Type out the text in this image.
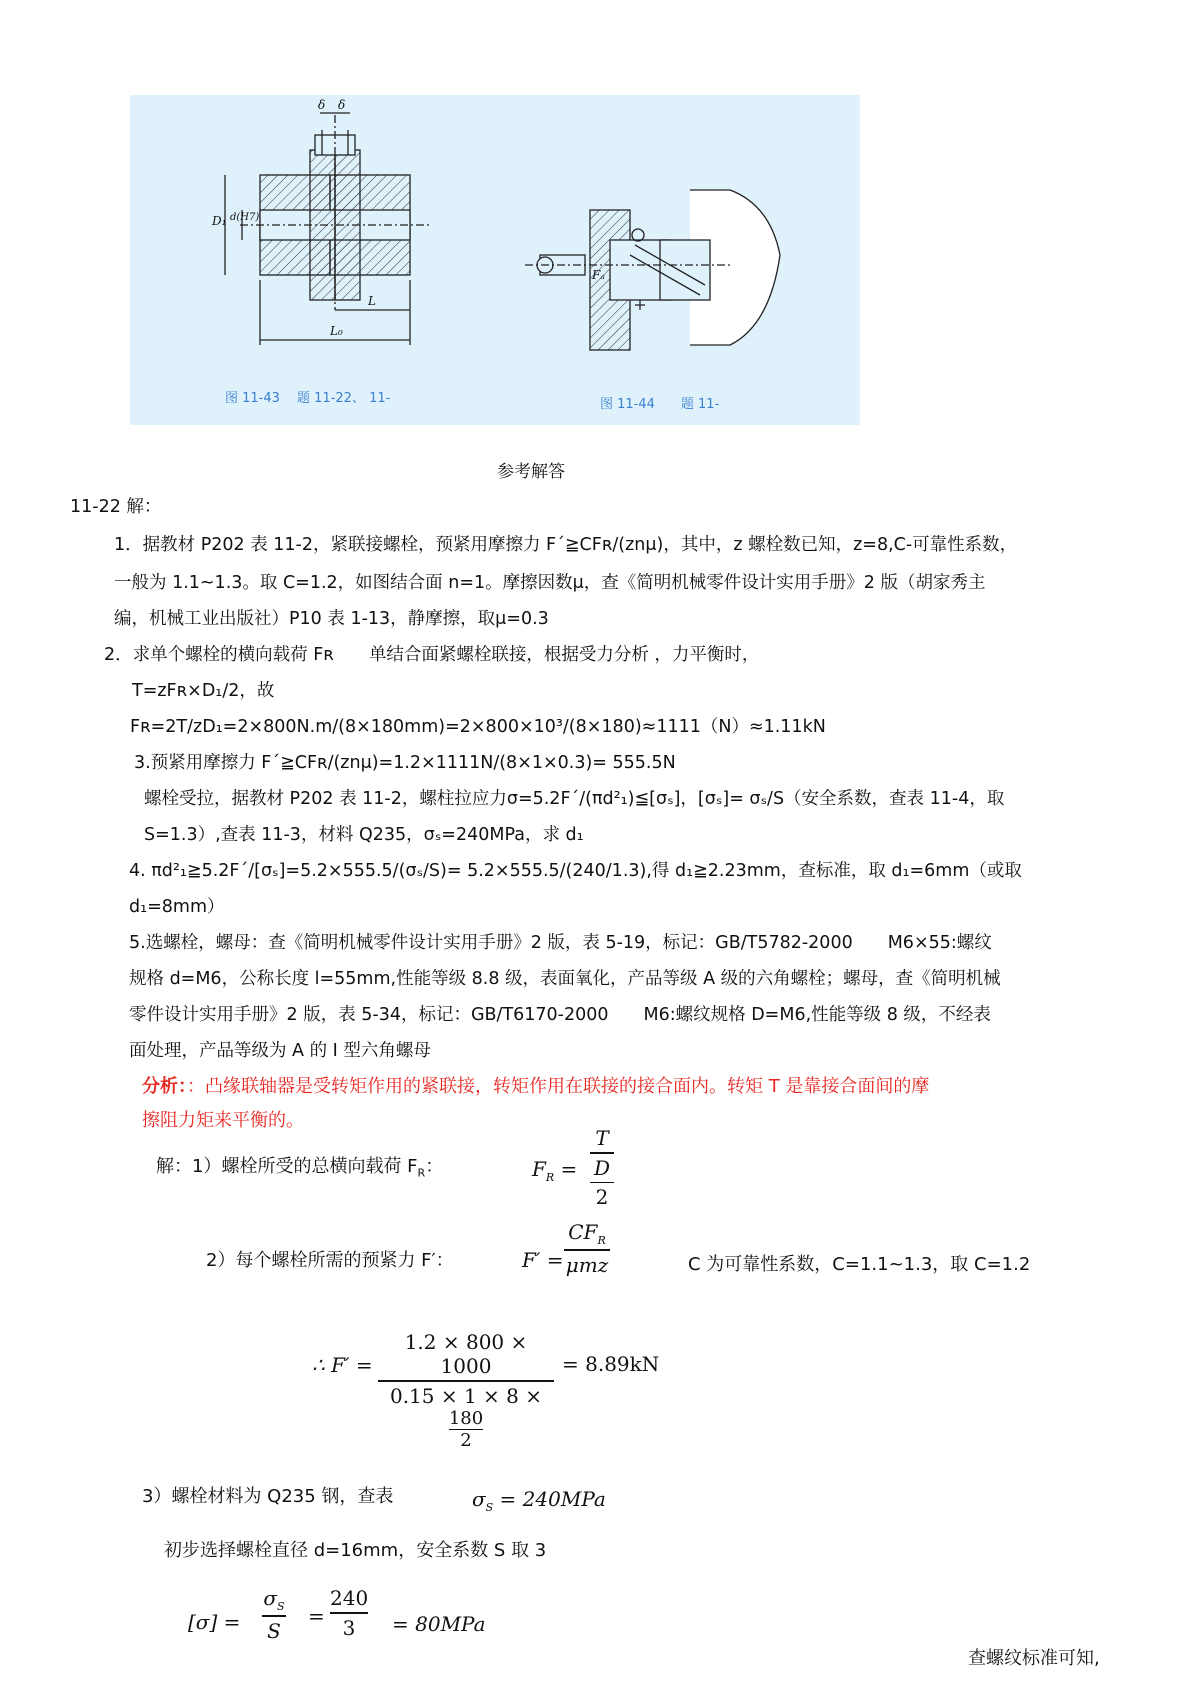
δ δ
D₁ d(H7)
L
L₀
Fₐ
图 11-43　 题 11-22、 11-	图 11-44　　题 11-
参考解答
11-22 解：
1．据教材 P202 表 11-2，紧联接螺栓，预紧用摩擦力 F´≧CFʀ/(znμ)，其中，z 螺栓数已知，z=8,C-可靠性系数，
一般为 1.1~1.3。取 C=1.2，如图结合面 n=1。摩擦因数μ，查《简明机械零件设计实用手册》2 版（胡家秀主
编，机械工业出版社）P10 表 1-13，静摩擦，取μ=0.3
2．求单个螺栓的横向载荷 Fʀ　　单结合面紧螺栓联接，根据受力分析 ，力平衡时，
T=zFʀ×D₁/2，故
Fʀ=2T/zD₁=2×800N.m/(8×180mm)=2×800×10³/(8×180)≈1111（N）≈1.11kN
3.预紧用摩擦力 F´≧CFʀ/(znμ)=1.2×1111N/(8×1×0.3)= 555.5N
螺栓受拉，据教材 P202 表 11-2，螺柱拉应力σ=5.2F´/(πd²₁)≦[σₛ]，[σₛ]= σₛ/S（安全系数，查表 11-4，取
S=1.3）,查表 11-3，材料 Q235，σₛ=240MPa，求 d₁
4. πd²₁≧5.2F´/[σₛ]=5.2×555.5/(σₛ/S)= 5.2×555.5/(240/1.3),得 d₁≧2.23mm，查标准，取 d₁=6mm（或取
d₁=8mm）
5.选螺栓，螺母：查《简明机械零件设计实用手册》2 版，表 5-19，标记：GB/T5782-2000　　M6×55:螺纹
规格 d=M6，公称长度 l=55mm,性能等级 8.8 级，表面氧化，产品等级 A 级的六角螺栓；螺母，查《简明机械
零件设计实用手册》2 版，表 5-34，标记：GB/T6170-2000　　M6:螺纹规格 D=M6,性能等级 8 级，不经表
面处理，产品等级为 A 的 I 型六角螺母
分析：：凸缘联轴器是受转矩作用的紧联接，转矩作用在联接的接合面内。转矩 T 是靠接合面间的摩
擦阻力矩来平衡的。
解：1）螺栓所受的总横向载荷 $F_R$：	$F_R$ =
T
D
2
2）每个螺栓所需的预紧力 F′：	F′ =
$CF_R$
μmz	C 为可靠性系数，C=1.1~1.3，取 C=1.2
∴ F′ =
1.2 × 800 × 1000
0.15 × 1 × 8 ×
$\frac{180}{2}$
= 8.89kN
3）螺栓材料为 Q235 钢，查表	$\sigma_S = 240MPa$
初步选择螺栓直径 d=16mm，安全系数 S 取 3
[σ] =
$\sigma_S$
S
=
240
3	= 80MPa
查螺纹标准可知,
